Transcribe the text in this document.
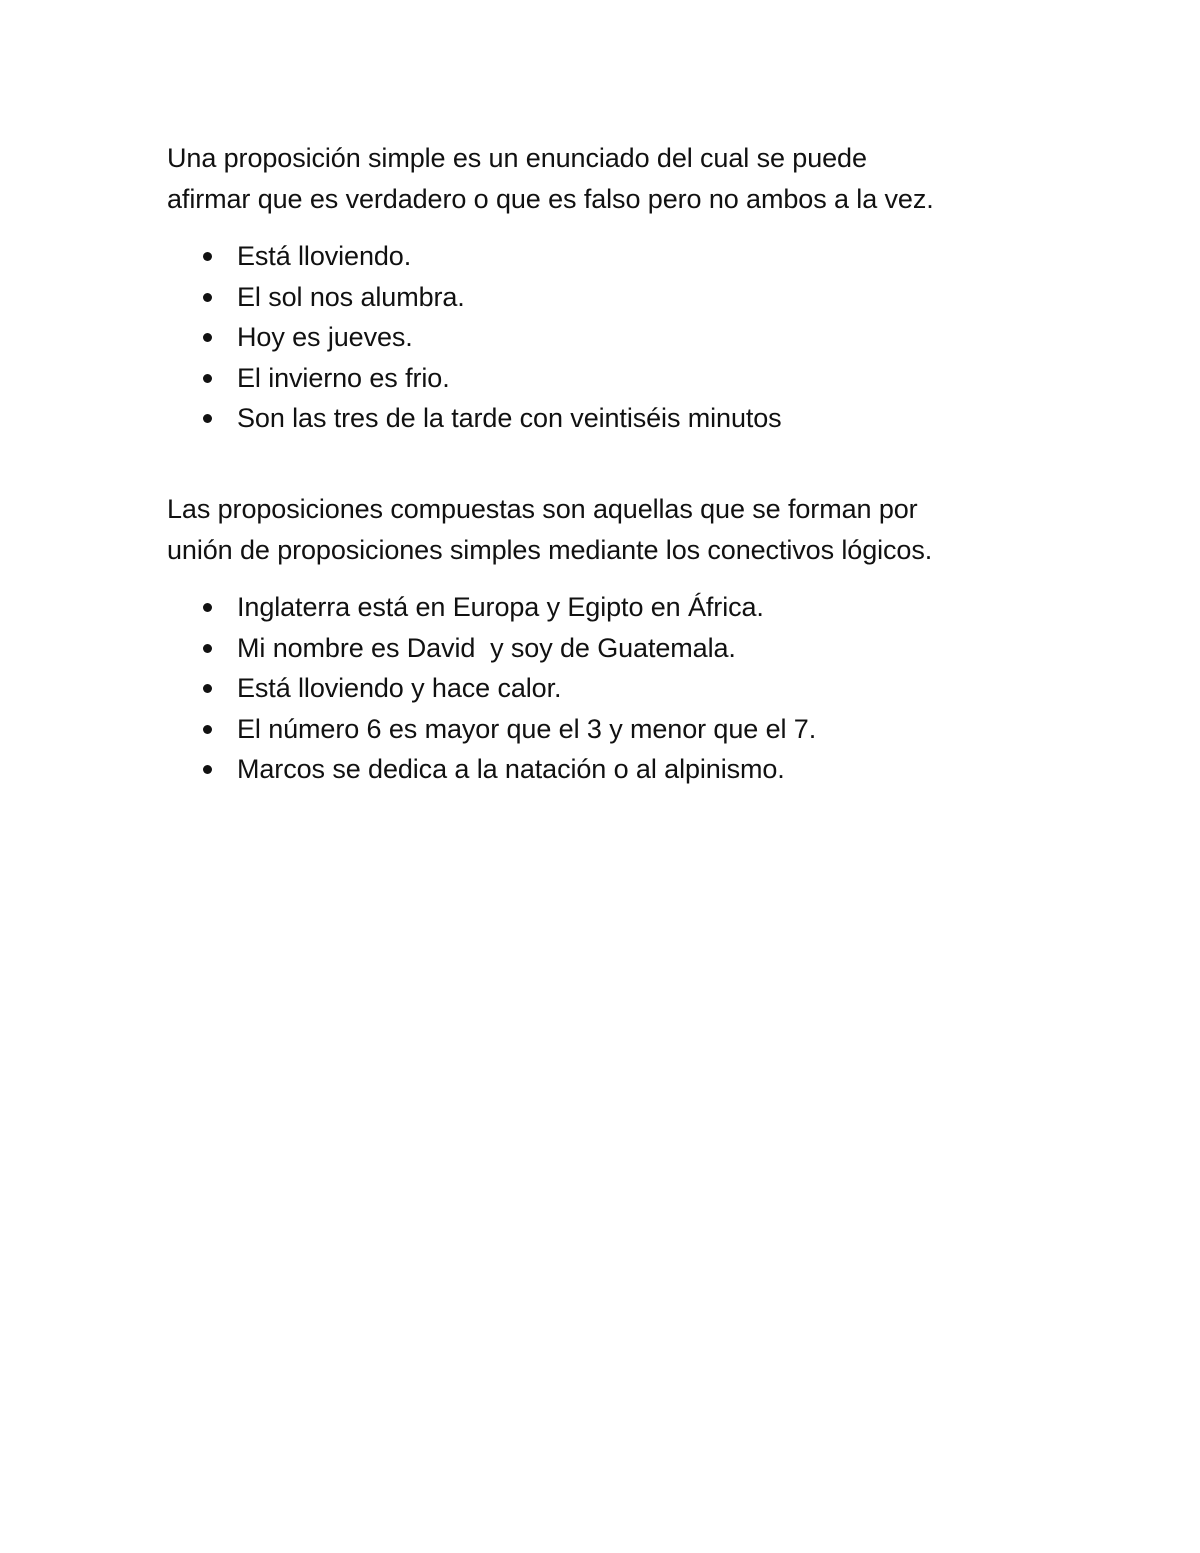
Una proposición simple es un enunciado del cual se puede
afirmar que es verdadero o que es falso pero no ambos a la vez.

Está lloviendo.
El sol nos alumbra.
Hoy es jueves.
El invierno es frio.
Son las tres de la tarde con veintiséis minutos

Las proposiciones compuestas son aquellas que se forman por
unión de proposiciones simples mediante los conectivos lógicos.

Inglaterra está en Europa y Egipto en África.
Mi nombre es David  y soy de Guatemala.
Está lloviendo y hace calor.
El número 6 es mayor que el 3 y menor que el 7.
Marcos se dedica a la natación o al alpinismo.
